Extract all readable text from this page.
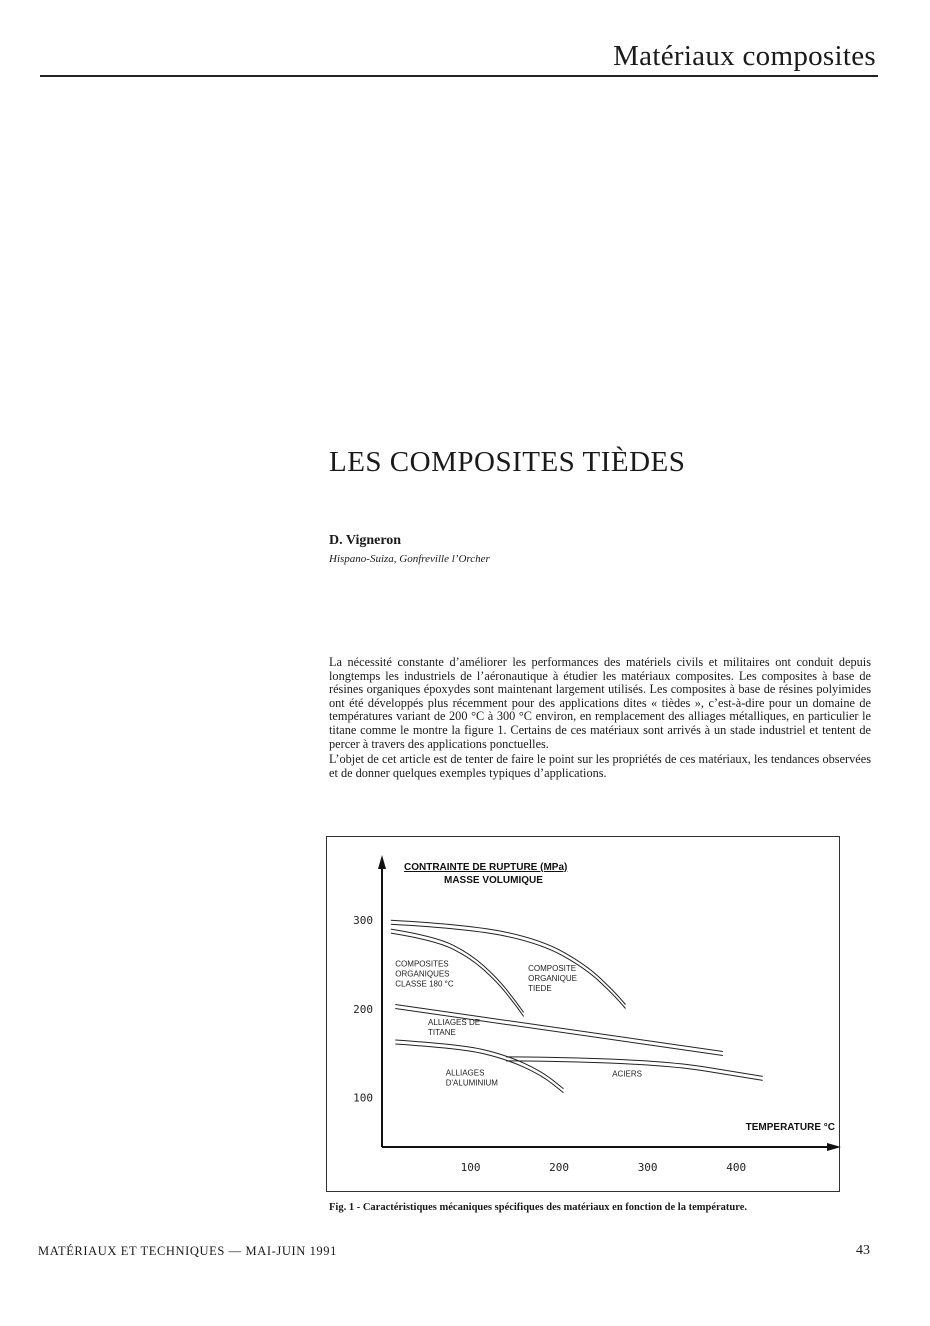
Matériaux composites
LES COMPOSITES TIÈDES
D. Vigneron
Hispano-Suiza, Gonfreville l’Orcher

La nécessité constante d’améliorer les performances des matériels civils et militaires ont conduit depuis longtemps les industriels de l’aéronautique à étudier les matériaux composites. Les composites à base de résines organiques époxydes sont maintenant largement utilisés. Les composites à base de résines polyimides ont été développés plus récemment pour des applications dites « tièdes », c’est-à-dire pour un domaine de températures variant de 200 °C à 300 °C environ, en remplacement des alliages métalliques, en particulier le titane comme le montre la figure 1. Certains de ces matériaux sont arrivés à un stade industriel et tentent de percer à travers des applications ponctuelles.

L’objet de cet article est de tenter de faire le point sur les propriétés de ces matériaux, les tendances observées et de donner quelques exemples typiques d’applications.

CONTRAINTE DE RUPTURE (MPa)
MASSE VOLUMIQUE
TEMPERATURE °C
100
200
300
100	200	300	400
COMPOSITES
ORGANIQUES
CLASSE 180 °C
COMPOSITE
ORGANIQUE
TIEDE
ALLIAGES DE
TITANE
ALLIAGES
D'ALUMINIUM
ACIERS
Fig. 1 - Caractéristiques mécaniques spécifiques des matériaux en fonction de la température.
MATÉRIAUX ET TECHNIQUES — MAI-JUIN 1991	43
